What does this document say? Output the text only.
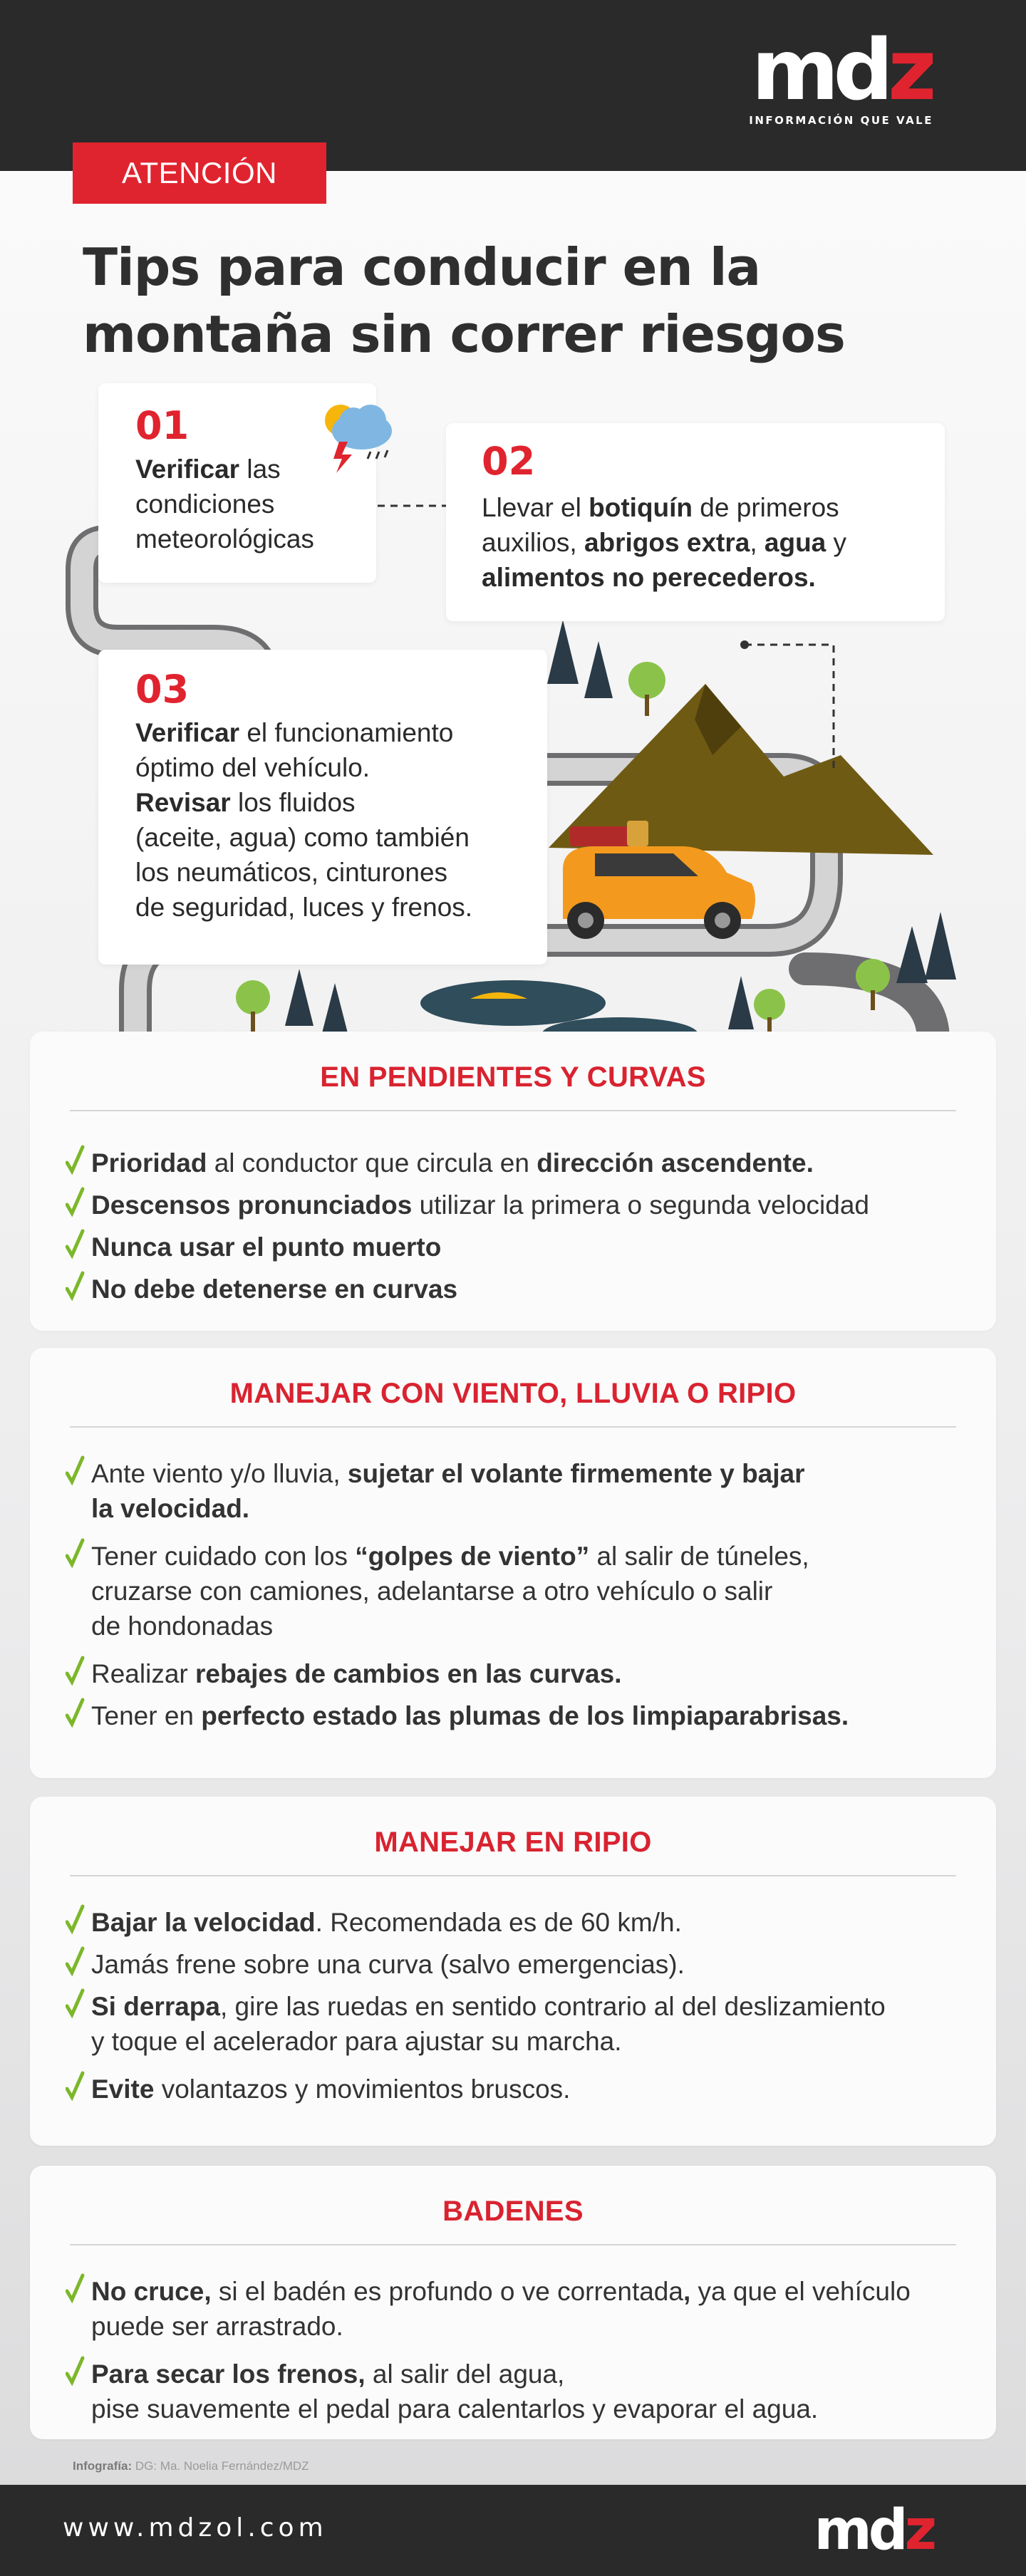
mdz
INFORMACIÓN QUE VALE
ATENCIÓN
Tips para conducir en la
montaña sin correr riesgos
01
Verificar las
condiciones
meteorológicas
02
Llevar el botiquín de primeros
auxilios, abrigos extra, agua y
alimentos no perecederos.
03
Verificar el funcionamiento
óptimo del vehículo.
Revisar los fluidos
(aceite, agua) como también
los neumáticos, cinturones
de seguridad, luces y frenos.
EN PENDIENTES Y CURVAS
Prioridad al conductor que circula en dirección ascendente.
Descensos pronunciados utilizar la primera o segunda velocidad
Nunca usar el punto muerto
No debe detenerse en curvas
MANEJAR CON VIENTO, LLUVIA O RIPIO
Ante viento y/o lluvia, sujetar el volante firmemente y bajar
la velocidad.
Tener cuidado con los “golpes de viento” al salir de túneles,
cruzarse con camiones, adelantarse a otro vehículo o salir
de hondonadas
Realizar rebajes de cambios en las curvas.
Tener en perfecto estado las plumas de los limpiaparabrisas.
MANEJAR EN RIPIO
Bajar la velocidad. Recomendada es de 60 km/h.
Jamás frene sobre una curva (salvo emergencias).
Si derrapa, gire las ruedas en sentido contrario al del deslizamiento
y toque el acelerador para ajustar su marcha.
Evite volantazos y movimientos bruscos.
BADENES
No cruce, si el badén es profundo o ve correntada, ya que el vehículo
puede ser arrastrado.
Para secar los frenos, al salir del agua,
pise suavemente el pedal para calentarlos y evaporar el agua.
Infografía: DG: Ma. Noelia Fernández/MDZ
www.mdzol.com	mdz
